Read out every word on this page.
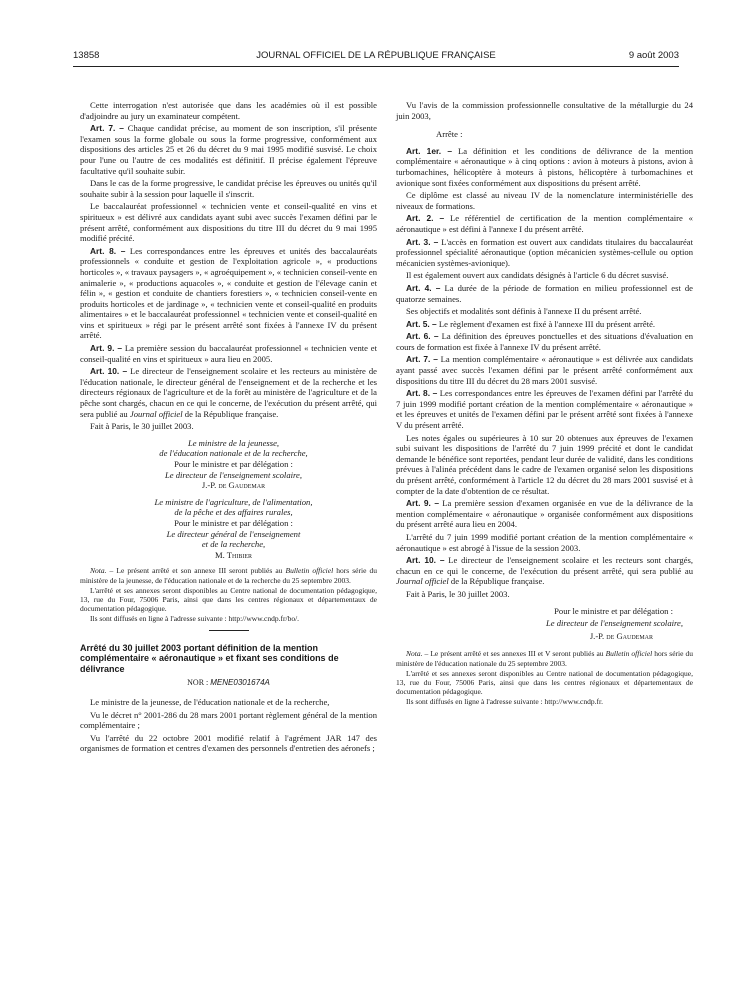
13858	JOURNAL OFFICIEL DE LA RÉPUBLIQUE FRANÇAISE	9 août 2003

Cette interrogation n'est autorisée que dans les académies où il est possible d'adjoindre au jury un examinateur compétent.

Art. 7. – Chaque candidat précise, au moment de son inscription, s'il présente l'examen sous la forme globale ou sous la forme progressive, conformément aux dispositions des articles 25 et 26 du décret du 9 mai 1995 modifié susvisé. Le choix pour l'une ou l'autre de ces modalités est définitif. Il précise également l'épreuve facultative qu'il souhaite subir.

Dans le cas de la forme progressive, le candidat précise les épreuves ou unités qu'il souhaite subir à la session pour laquelle il s'inscrit.

Le baccalauréat professionnel « technicien vente et conseil-qualité en vins et spiritueux » est délivré aux candidats ayant subi avec succès l'examen défini par le présent arrêté, conformément aux dispositions du titre III du décret du 9 mai 1995 modifié précité.

Art. 8. – Les correspondances entre les épreuves et unités des baccalauréats professionnels « conduite et gestion de l'exploitation agricole », « productions horticoles », « travaux paysagers », « agroéquipement », « technicien conseil-vente en animalerie », « productions aquacoles », « conduite et gestion de l'élevage canin et félin », « gestion et conduite de chantiers forestiers », « technicien conseil-vente en produits horticoles et de jardinage », « technicien vente et conseil-qualité en produits alimentaires » et le baccalauréat professionnel « technicien vente et conseil-qualité en vins et spiritueux » régi par le présent arrêté sont fixées à l'annexe IV du présent arrêté.

Art. 9. – La première session du baccalauréat professionnel « technicien vente et conseil-qualité en vins et spiritueux » aura lieu en 2005.

Art. 10. – Le directeur de l'enseignement scolaire et les recteurs au ministère de l'éducation nationale, le directeur général de l'enseignement et de la recherche et les directeurs régionaux de l'agriculture et de la forêt au ministère de l'agriculture et de la pêche sont chargés, chacun en ce qui le concerne, de l'exécution du présent arrêté, qui sera publié au Journal officiel de la République française.

Fait à Paris, le 30 juillet 2003.

Le ministre de la jeunesse,

de l'éducation nationale et de la recherche,

Pour le ministre et par délégation :

Le directeur de l'enseignement scolaire,

J.-P. de Gaudemar

Le ministre de l'agriculture, de l'alimentation,

de la pêche et des affaires rurales,

Pour le ministre et par délégation :

Le directeur général de l'enseignement

et de la recherche,

M. Thibier

Nota. – Le présent arrêté et son annexe III seront publiés au Bulletin officiel hors série du ministère de la jeunesse, de l'éducation nationale et de la recherche du 25 septembre 2003.

L'arrêté et ses annexes seront disponibles au Centre national de documentation pédagogique, 13, rue du Four, 75006 Paris, ainsi que dans les centres régionaux et départementaux de documentation pédagogique.

Ils sont diffusés en ligne à l'adresse suivante : http://www.cndp.fr/bo/.

Arrêté du 30 juillet 2003 portant définition de la mention complémentaire « aéronautique » et fixant ses conditions de délivrance

NOR : MENE0301674A

Le ministre de la jeunesse, de l'éducation nationale et de la recherche,

Vu le décret n° 2001-286 du 28 mars 2001 portant règlement général de la mention complémentaire ;

Vu l'arrêté du 22 octobre 2001 modifié relatif à l'agrément JAR 147 des organismes de formation et centres d'examen des personnels d'entretien des aéronefs ;

Vu l'avis de la commission professionnelle consultative de la métallurgie du 24 juin 2003,

Arrête :

Art. 1er. – La définition et les conditions de délivrance de la mention complémentaire « aéronautique » à cinq options : avion à moteurs à pistons, avion à turbomachines, hélicoptère à moteurs à pistons, hélicoptère à turbomachines et avionique sont fixées conformément aux dispositions du présent arrêté.

Ce diplôme est classé au niveau IV de la nomenclature interministérielle des niveaux de formations.

Art. 2. – Le référentiel de certification de la mention complémentaire « aéronautique » est défini à l'annexe I du présent arrêté.

Art. 3. – L'accès en formation est ouvert aux candidats titulaires du baccalauréat professionnel spécialité aéronautique (option mécanicien systèmes-cellule ou option mécanicien systèmes-avionique).

Il est également ouvert aux candidats désignés à l'article 6 du décret susvisé.

Art. 4. – La durée de la période de formation en milieu professionnel est de quatorze semaines.

Ses objectifs et modalités sont définis à l'annexe II du présent arrêté.

Art. 5. – Le règlement d'examen est fixé à l'annexe III du présent arrêté.

Art. 6. – La définition des épreuves ponctuelles et des situations d'évaluation en cours de formation est fixée à l'annexe IV du présent arrêté.

Art. 7. – La mention complémentaire « aéronautique » est délivrée aux candidats ayant passé avec succès l'examen défini par le présent arrêté conformément aux dispositions du titre III du décret du 28 mars 2001 susvisé.

Art. 8. – Les correspondances entre les épreuves de l'examen défini par l'arrêté du 7 juin 1999 modifié portant création de la mention complémentaire « aéronautique » et les épreuves et unités de l'examen défini par le présent arrêté sont fixées à l'annexe V du présent arrêté.

Les notes égales ou supérieures à 10 sur 20 obtenues aux épreuves de l'examen subi suivant les dispositions de l'arrêté du 7 juin 1999 précité et dont le candidat demande le bénéfice sont reportées, pendant leur durée de validité, dans les conditions prévues à l'alinéa précédent dans le cadre de l'examen organisé selon les dispositions du présent arrêté, conformément à l'article 12 du décret du 28 mars 2001 susvisé et à compter de la date d'obtention de ce résultat.

Art. 9. – La première session d'examen organisée en vue de la délivrance de la mention complémentaire « aéronautique » organisée conformément aux dispositions du présent arrêté aura lieu en 2004.

L'arrêté du 7 juin 1999 modifié portant création de la mention complémentaire « aéronautique » est abrogé à l'issue de la session 2003.

Art. 10. – Le directeur de l'enseignement scolaire et les recteurs sont chargés, chacun en ce qui le concerne, de l'exécution du présent arrêté, qui sera publié au Journal officiel de la République française.

Fait à Paris, le 30 juillet 2003.

Pour le ministre et par délégation :

Le directeur de l'enseignement scolaire,

J.-P. de Gaudemar

Nota. – Le présent arrêté et ses annexes III et V seront publiés au Bulletin officiel hors série du ministère de l'éducation nationale du 25 septembre 2003.

L'arrêté et ses annexes seront disponibles au Centre national de documentation pédagogique, 13, rue du Four, 75006 Paris, ainsi que dans les centres régionaux et départementaux de documentation pédagogique.

Ils sont diffusés en ligne à l'adresse suivante : http://www.cndp.fr.
